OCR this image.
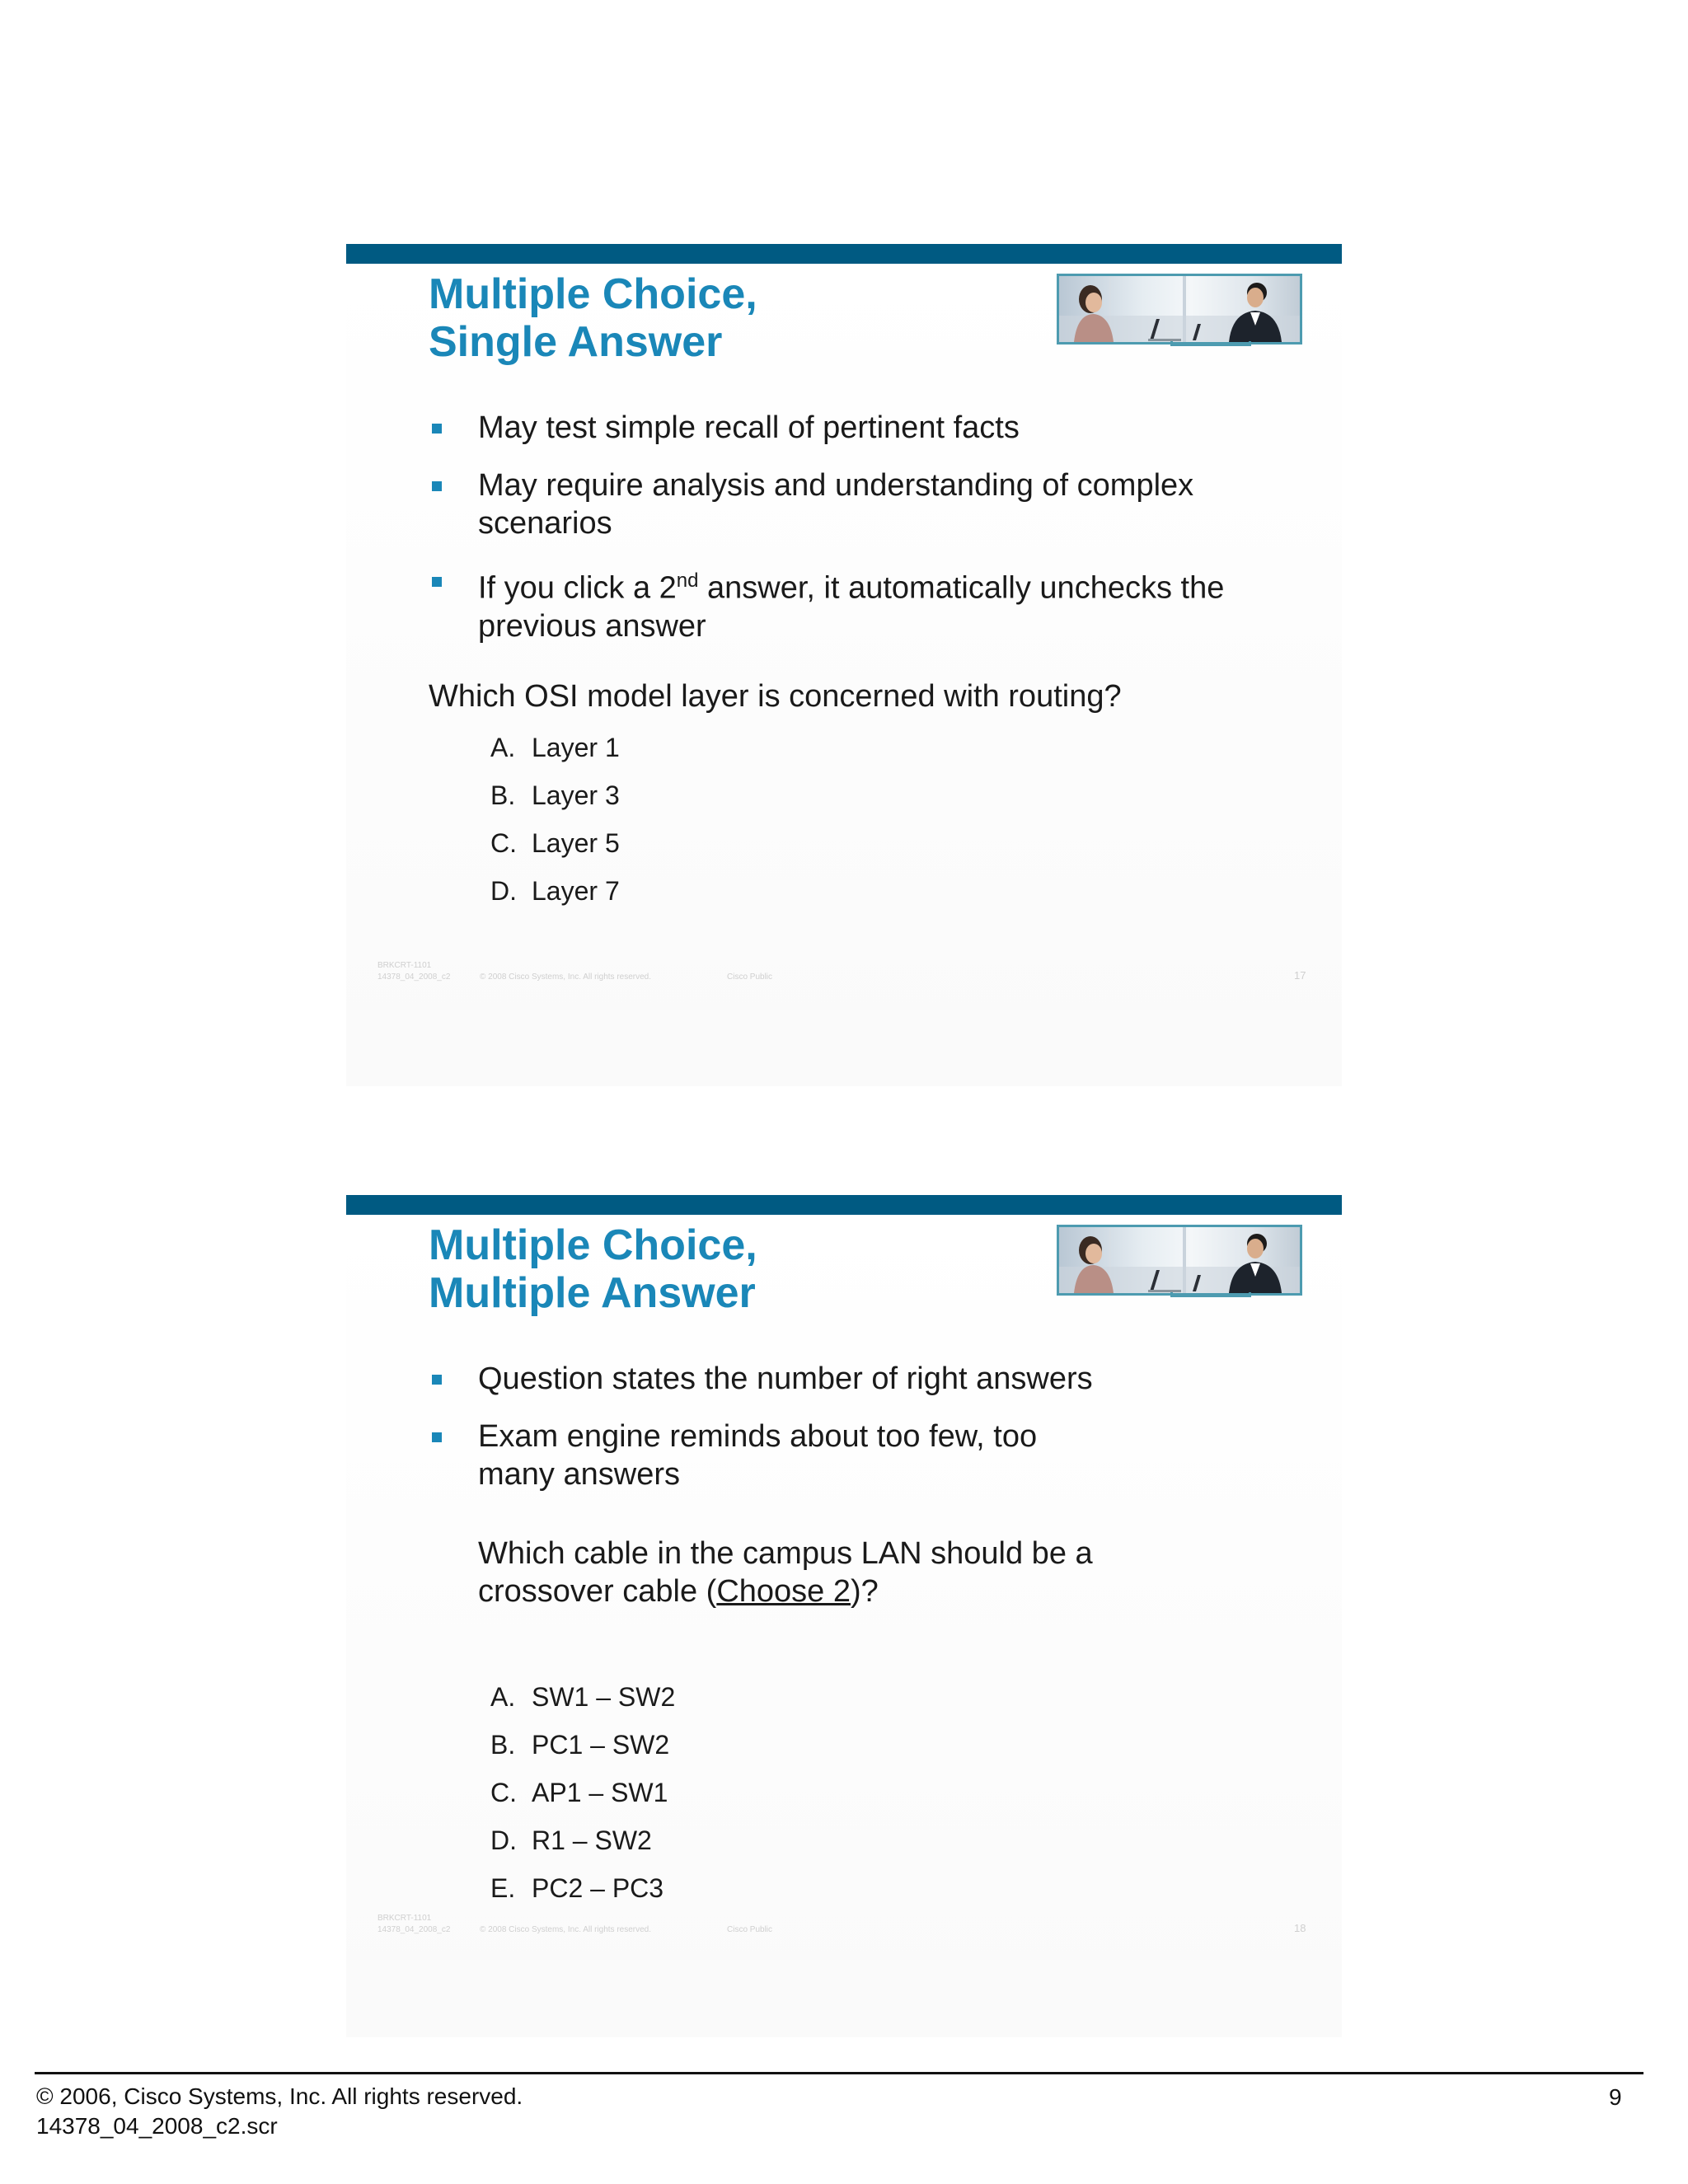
Multiple Choice,
Single Answer
May test simple recall of pertinent facts
May require analysis and understanding of complex scenarios
If you click a 2nd answer, it automatically unchecks the previous answer
Which OSI model layer is concerned with routing?
A. Layer 1
B. Layer 3
C. Layer 5
D. Layer 7
BRKCRT-1101
14378_04_2008_c2	© 2008 Cisco Systems, Inc. All rights reserved.	Cisco Public	17
Multiple Choice,
Multiple Answer
Question states the number of right answers
Exam engine reminds about too few, too many answers
Which cable in the campus LAN should be a crossover cable (Choose 2)?
A. SW1 – SW2
B. PC1 – SW2
C. AP1 – SW1
D. R1 – SW2
E. PC2 – PC3
BRKCRT-1101
14378_04_2008_c2	© 2008 Cisco Systems, Inc. All rights reserved.	Cisco Public	18
© 2006, Cisco Systems, Inc. All rights reserved.
14378_04_2008_c2.scr
9
